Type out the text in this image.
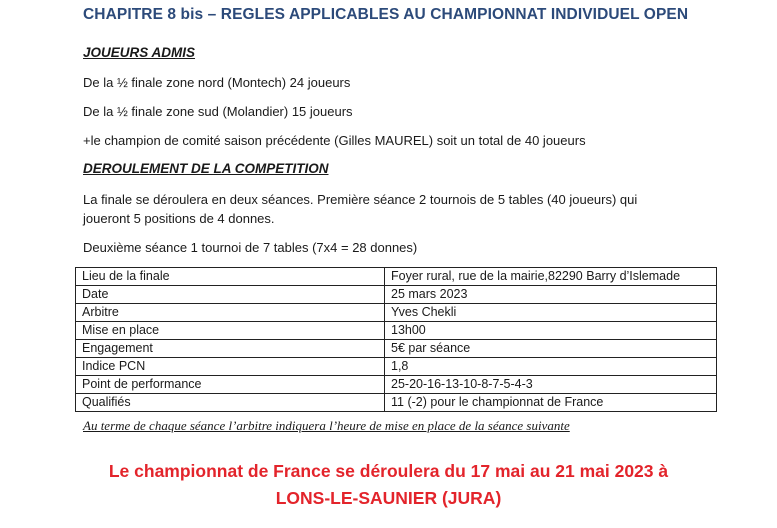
CHAPITRE 8 bis – REGLES APPLICABLES AU CHAMPIONNAT INDIVIDUEL OPEN
JOUEURS ADMIS
De la ½ finale zone nord (Montech) 24 joueurs
De la ½ finale zone sud (Molandier) 15 joueurs
+le champion de comité saison précédente (Gilles MAUREL) soit un total de 40 joueurs
DEROULEMENT DE LA COMPETITION
La finale se déroulera en deux séances. Première séance 2 tournois de 5 tables (40 joueurs) qui
joueront 5 positions de 4 donnes.
Deuxième séance 1 tournoi de 7 tables (7x4 = 28 donnes)
Lieu de la finale	Foyer rural, rue de la mairie,82290 Barry d’Islemade
Date	25 mars 2023
Arbitre	Yves Chekli
Mise en place	13h00
Engagement	5€ par séance
Indice PCN	1,8
Point de performance	25-20-16-13-10-8-7-5-4-3
Qualifiés	11 (-2) pour le championnat de France
Au terme de chaque séance l’arbitre indiquera l’heure de mise en place de la séance suivante
Le championnat de France se déroulera du 17 mai au 21 mai 2023 à
LONS-LE-SAUNIER (JURA)
